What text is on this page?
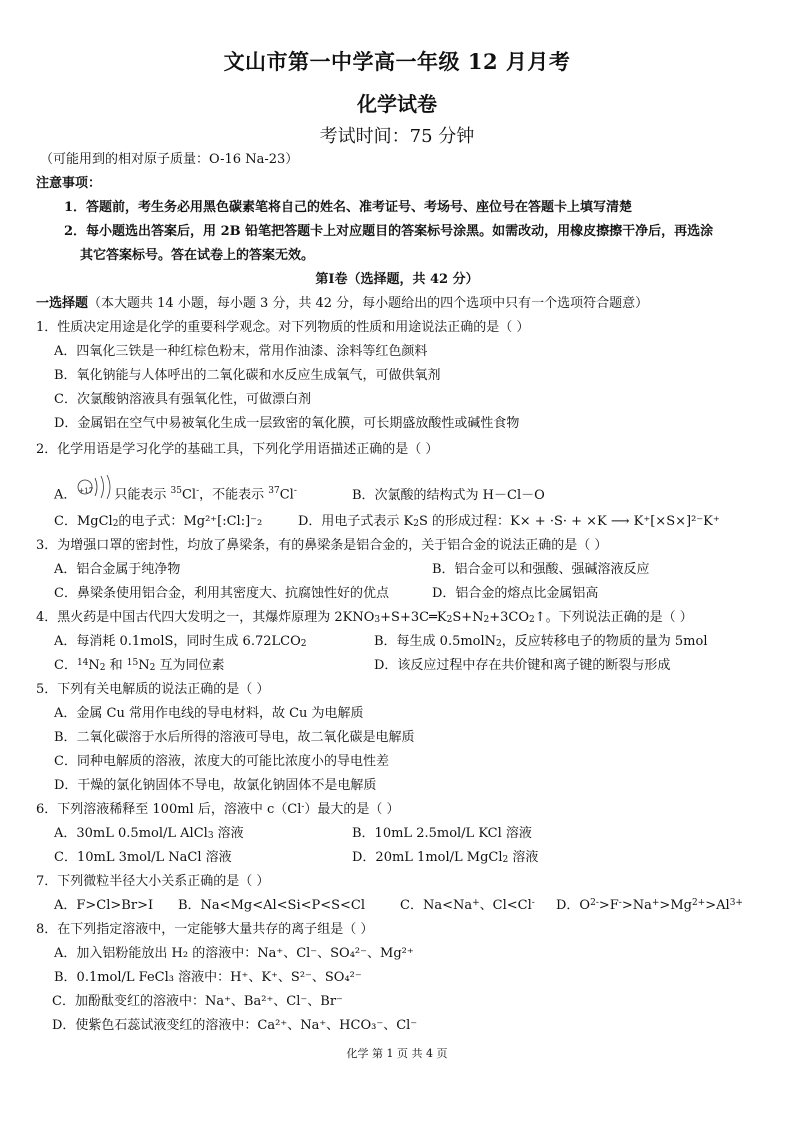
文山市第一中学高一年级 12 月月考
化学试卷
考试时间：75 分钟
（可能用到的相对原子质量：O-16 Na-23）
注意事项：
1．答题前，考生务必用黑色碳素笔将自己的姓名、准考证号、考场号、座位号在答题卡上填写清楚
2．每小题选出答案后，用 2B 铅笔把答题卡上对应题目的答案标号涂黑。如需改动，用橡皮擦擦干净后，再选涂
其它答案标号。答在试卷上的答案无效。
第Ⅰ卷（选择题，共 42 分）
一选择题（本大题共 14 小题，每小题 3 分，共 42 分，每小题给出的四个选项中只有一个选项符合题意）
1．性质决定用途是化学的重要科学观念。对下列物质的性质和用途说法正确的是（ ）
A．四氧化三铁是一种红棕色粉末，常用作油漆、涂料等红色颜料
B．氧化钠能与人体呼出的二氧化碳和水反应生成氧气，可做供氧剂
C．次氯酸钠溶液具有强氧化性，可做漂白剂
D．金属铝在空气中易被氧化生成一层致密的氧化膜，可长期盛放酸性或碱性食物
2．化学用语是学习化学的基础工具，下列化学用语描述正确的是（ ）
A． +17 只能表示 $^{35}$Cl-，不能表示 $^{37}$Cl-	B．次氯酸的结构式为 H－Cl－O
C．MgCl$_2$的电子式：Mg²⁺[:Cl:]⁻₂	D．用电子式表示 $K_2S$ 的形成过程：K× + ·S· + ×K ⟶ K⁺[×S×]²⁻K⁺
3．为增强口罩的密封性，均放了鼻梁条，有的鼻梁条是铝合金的，关于铝合金的说法正确的是（ ）
A．铝合金属于纯净物	B．铝合金可以和强酸、强碱溶液反应
C．鼻梁条使用铝合金，利用其密度大、抗腐蚀性好的优点	D．铝合金的熔点比金属铝高
4．黑火药是中国古代四大发明之一，其爆炸原理为 $2KNO_3+S+3C═K_2S+N_2+3CO_2↑$。下列说法正确的是（ ）
A．每消耗 0.1molS，同时生成 $6.72LCO_2$	B．每生成 0.5molN$_2$，反应转移电子的物质的量为 5mol
C．$^{14}N_2$ 和 $^{15}N_2$ 互为同位素	D．该反应过程中存在共价键和离子键的断裂与形成
5．下列有关电解质的说法正确的是（ ）
A．金属 Cu 常用作电线的导电材料，故 Cu 为电解质
B．二氧化碳溶于水后所得的溶液可导电，故二氧化碳是电解质
C．同种电解质的溶液，浓度大的可能比浓度小的导电性差
D．干燥的氯化钠固体不导电，故氯化钠固体不是电解质
6．下列溶液稀释至 100ml 后，溶液中 c（Cl-）最大的是（ ）
A．30mL 0.5mol/L AlCl$_3$ 溶液	B．10mL 2.5mol/L KCl 溶液
C．10mL 3mol/L NaCl 溶液	D．20mL 1mol/L MgCl$_2$ 溶液
7．下列微粒半径大小关系正确的是（ ）
A．F>Cl>Br>I B．Na<Mg<Al<Si<P<S<Cl	C．Na<Na+、Cl<Cl- D．$O^{2-}>F^->Na^+>Mg^{2+}>Al^{3+}$
8．在下列指定溶液中，一定能够大量共存的离子组是（ ）
A．加入铝粉能放出 H₂ 的溶液中：Na⁺、Cl⁻、SO₄²⁻、Mg²⁺
B．0.1mol/L FeCl₃ 溶液中：H⁺、K⁺、S²⁻、SO₄²⁻
C．加酚酞变红的溶液中：Na⁺、Ba²⁺、Cl⁻、Br⁻
D．使紫色石蕊试液变红的溶液中：Ca²⁺、Na⁺、HCO₃⁻、Cl⁻
化学 第 1 页 共 4 页
